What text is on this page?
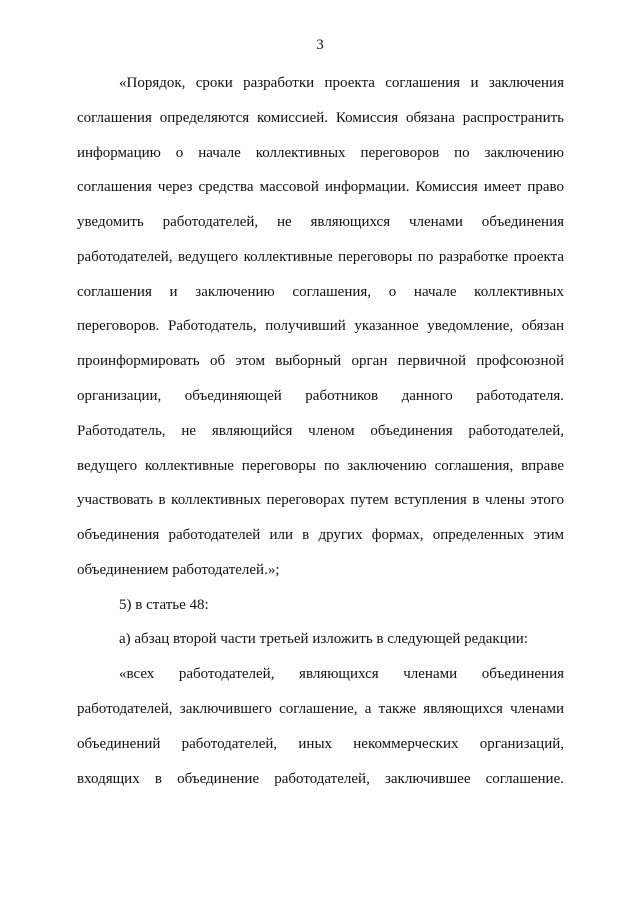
3
«Порядок, сроки разработки проекта соглашения и заключения
соглашения определяются комиссией. Комиссия обязана распространить
информацию о начале коллективных переговоров по заключению
соглашения через средства массовой информации. Комиссия имеет право
уведомить работодателей, не являющихся членами объединения
работодателей, ведущего коллективные переговоры по разработке проекта
соглашения и заключению соглашения, о начале коллективных
переговоров. Работодатель, получивший указанное уведомление, обязан
проинформировать об этом выборный орган первичной профсоюзной
организации, объединяющей работников данного работодателя.
Работодатель, не являющийся членом объединения работодателей,
ведущего коллективные переговоры по заключению соглашения, вправе
участвовать в коллективных переговорах путем вступления в члены этого
объединения работодателей или в других формах, определенных этим
объединением работодателей.»;
5) в статье 48:
а) абзац второй части третьей изложить в следующей редакции:
«всех работодателей, являющихся членами объединения
работодателей, заключившего соглашение, а также являющихся членами
объединений работодателей, иных некоммерческих организаций,
входящих в объединение работодателей, заключившее соглашение.
